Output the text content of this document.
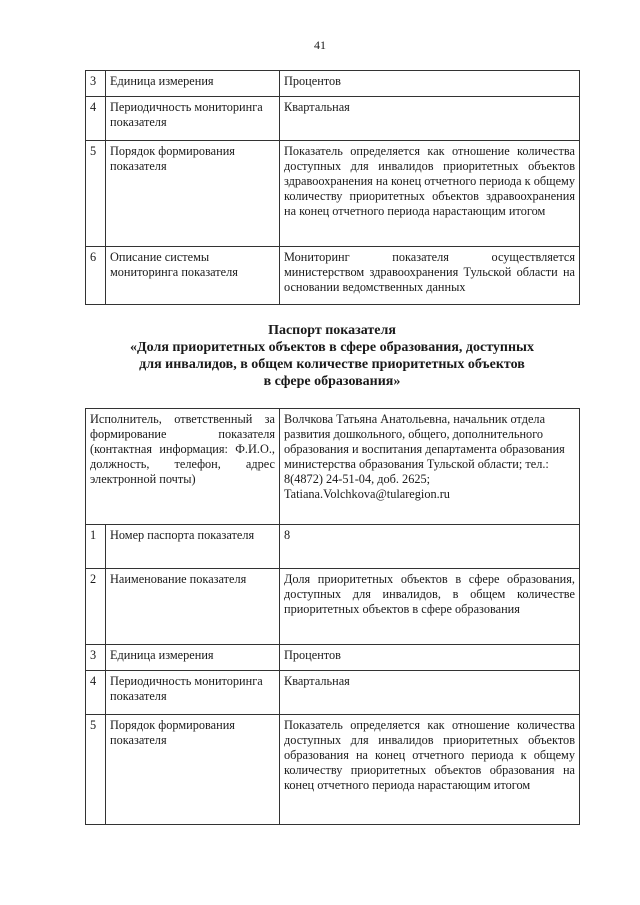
41
3	Единица измерения	Процентов
4	Периодичность мониторинга показателя	Квартальная
5	Порядок формирования показателя	Показатель определяется как отношение количества доступных для инвалидов приоритетных объектов здравоохранения на конец отчетного периода к общему количеству приоритетных объектов здравоохранения на конец отчетного периода нарастающим итогом
6	Описание системы мониторинга показателя	Мониторинг показателя осуществляется министерством здравоохранения Тульской области на основании ведомственных данных
Паспорт показателя
«Доля приоритетных объектов в сфере образования, доступных
для инвалидов, в общем количестве приоритетных объектов
в сфере образования»
Исполнитель, ответственный за формирование показателя (контактная информация: Ф.И.О., должность, телефон, адрес электронной почты)		Волчкова Татьяна Анатольевна, начальник отдела развития дошкольного, общего, дополнительного образования и воспитания департамента образования министерства образования Тульской области; тел.: 8(4872) 24-51-04, доб. 2625;
Tatiana.Volchkova@tularegion.ru

1	Номер паспорта показателя	8
2	Наименование показателя	Доля приоритетных объектов в сфере образования, доступных для инвалидов, в общем количестве приоритетных объектов в сфере образования
3	Единица измерения	Процентов
4	Периодичность мониторинга показателя	Квартальная
5	Порядок формирования показателя	Показатель определяется как отношение количества доступных для инвалидов приоритетных объектов образования на конец отчетного периода к общему количеству приоритетных объектов образования на конец отчетного периода нарастающим итогом
